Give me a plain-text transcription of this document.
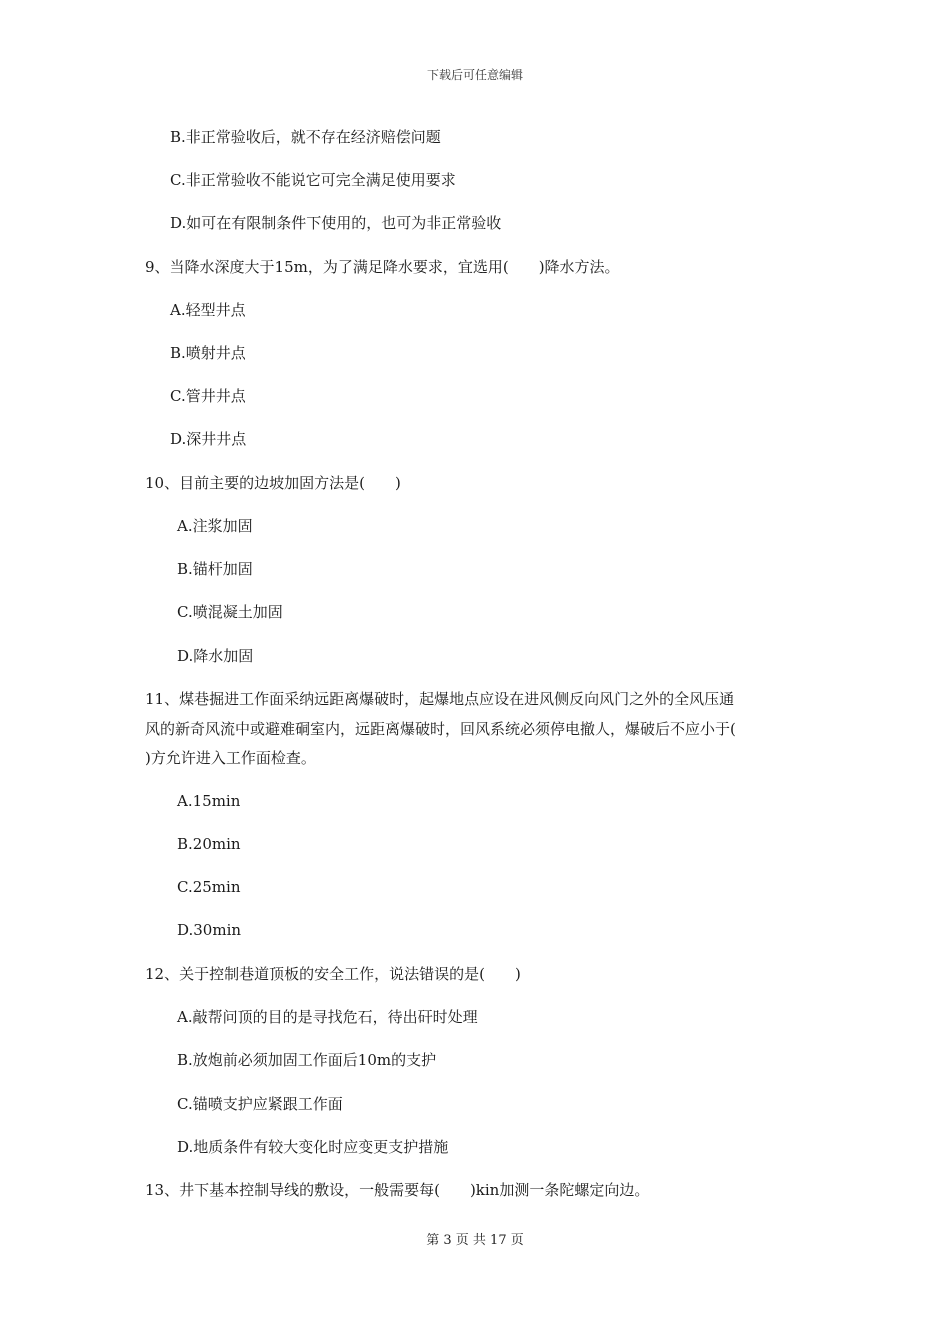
下载后可任意编辑
B.非正常验收后，就不存在经济赔偿问题
C.非正常验收不能说它可完全满足使用要求
D.如可在有限制条件下使用的，也可为非正常验收
9、当降水深度大于15m，为了满足降水要求，宜选用(　　)降水方法。
A.轻型井点
B.喷射井点
C.管井井点
D.深井井点
10、目前主要的边坡加固方法是(　　)
A.注浆加固
B.锚杆加固
C.喷混凝土加固
D.降水加固
11、煤巷掘进工作面采纳远距离爆破时，起爆地点应设在进风侧反向风门之外的全风压通
风的新奇风流中或避难硐室内，远距离爆破时，回风系统必须停电撤人，爆破后不应小于(
)方允许进入工作面检查。
A.15min
B.20min
C.25min
D.30min
12、关于控制巷道顶板的安全工作，说法错误的是(　　)
A.敲帮问顶的目的是寻找危石，待出矸时处理
B.放炮前必须加固工作面后10m的支护
C.锚喷支护应紧跟工作面
D.地质条件有较大变化时应变更支护措施
13、井下基本控制导线的敷设，一般需要每(　　)kin加测一条陀螺定向边。
第 3 页 共 17 页
